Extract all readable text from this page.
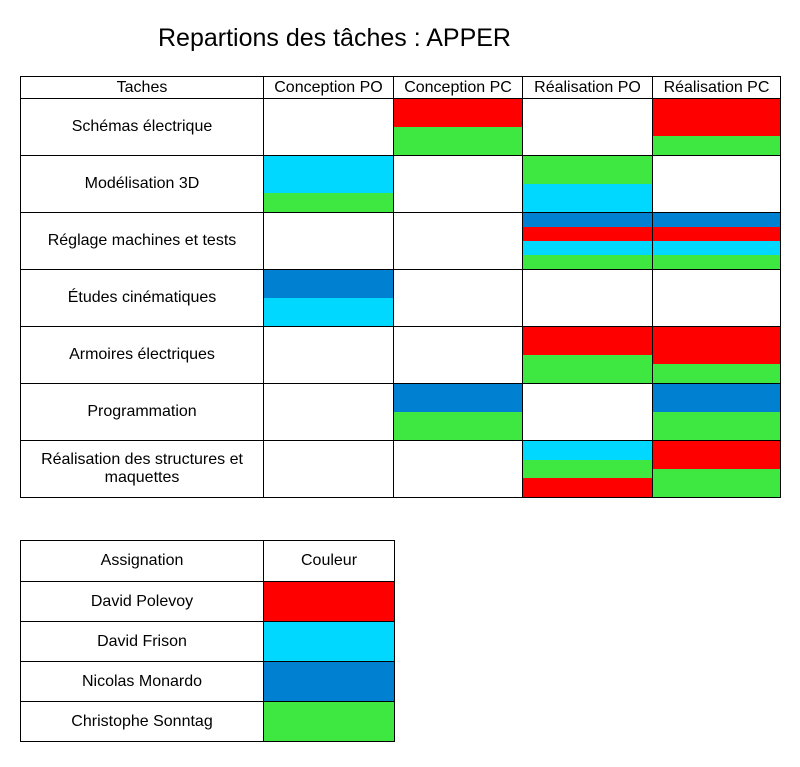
Repartions des tâches : APPER
Taches	Conception PO	Conception PC	Réalisation PO	Réalisation PC
Schémas électrique		

Modélisation 3D	

Réglage machines et tests			

Études cinématiques	

Armoires électriques			

Programmation		

Réalisation des structures et maquettes			

Assignation	Couleur
David Polevoy	
David Frison	
Nicolas Monardo	
Christophe Sonntag	
